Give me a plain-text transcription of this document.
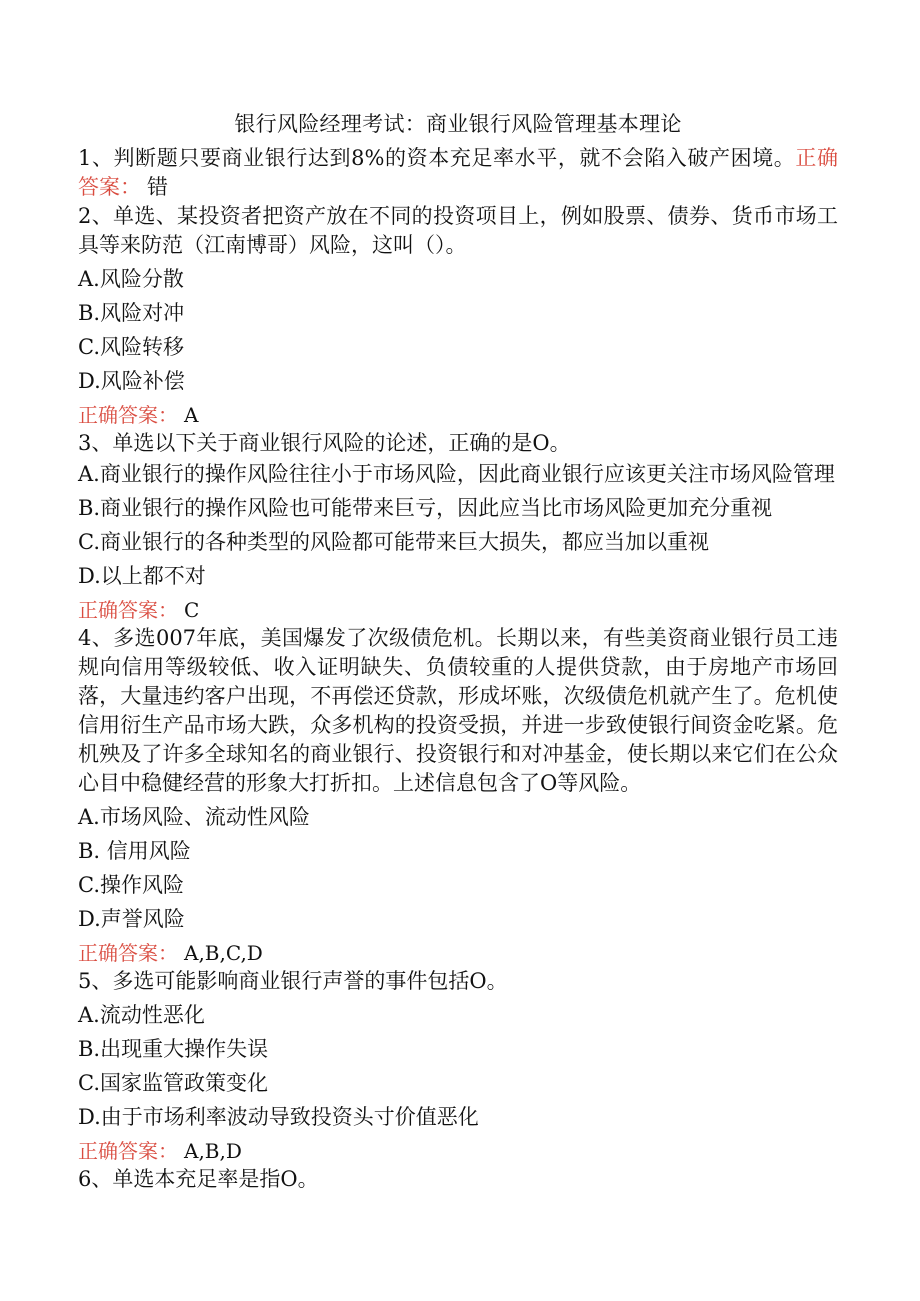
银行风险经理考试：商业银行风险管理基本理论

1、判断题只要商业银行达到8%的资本充足率水平，就不会陷入破产困境。正确答案： 错

2、单选、某投资者把资产放在不同的投资项目上，例如股票、债券、货币市场工具等来防范（江南博哥）风险，这叫（）。

A.风险分散

B.风险对冲

C.风险转移

D.风险补偿

正确答案： A

3、单选以下关于商业银行风险的论述，正确的是O。

A.商业银行的操作风险往往小于市场风险，因此商业银行应该更关注市场风险管理

B.商业银行的操作风险也可能带来巨亏，因此应当比市场风险更加充分重视

C.商业银行的各种类型的风险都可能带来巨大损失，都应当加以重视

D.以上都不对

正确答案： C

4、多选007年底，美国爆发了次级债危机。长期以来，有些美资商业银行员工违规向信用等级较低、收入证明缺失、负债较重的人提供贷款，由于房地产市场回落，大量违约客户出现，不再偿还贷款，形成坏账，次级债危机就产生了。危机使信用衍生产品市场大跌，众多机构的投资受损，并进一步致使银行间资金吃紧。危机殃及了许多全球知名的商业银行、投资银行和对冲基金，使长期以来它们在公众心目中稳健经营的形象大打折扣。上述信息包含了O等风险。

A.市场风险、流动性风险

B. 信用风险

C.操作风险

D.声誉风险

正确答案： A,B,C,D

5、多选可能影响商业银行声誉的事件包括O。

A.流动性恶化

B.出现重大操作失误

C.国家监管政策变化

D.由于市场利率波动导致投资头寸价值恶化

正确答案： A,B,D

6、单选本充足率是指O。
